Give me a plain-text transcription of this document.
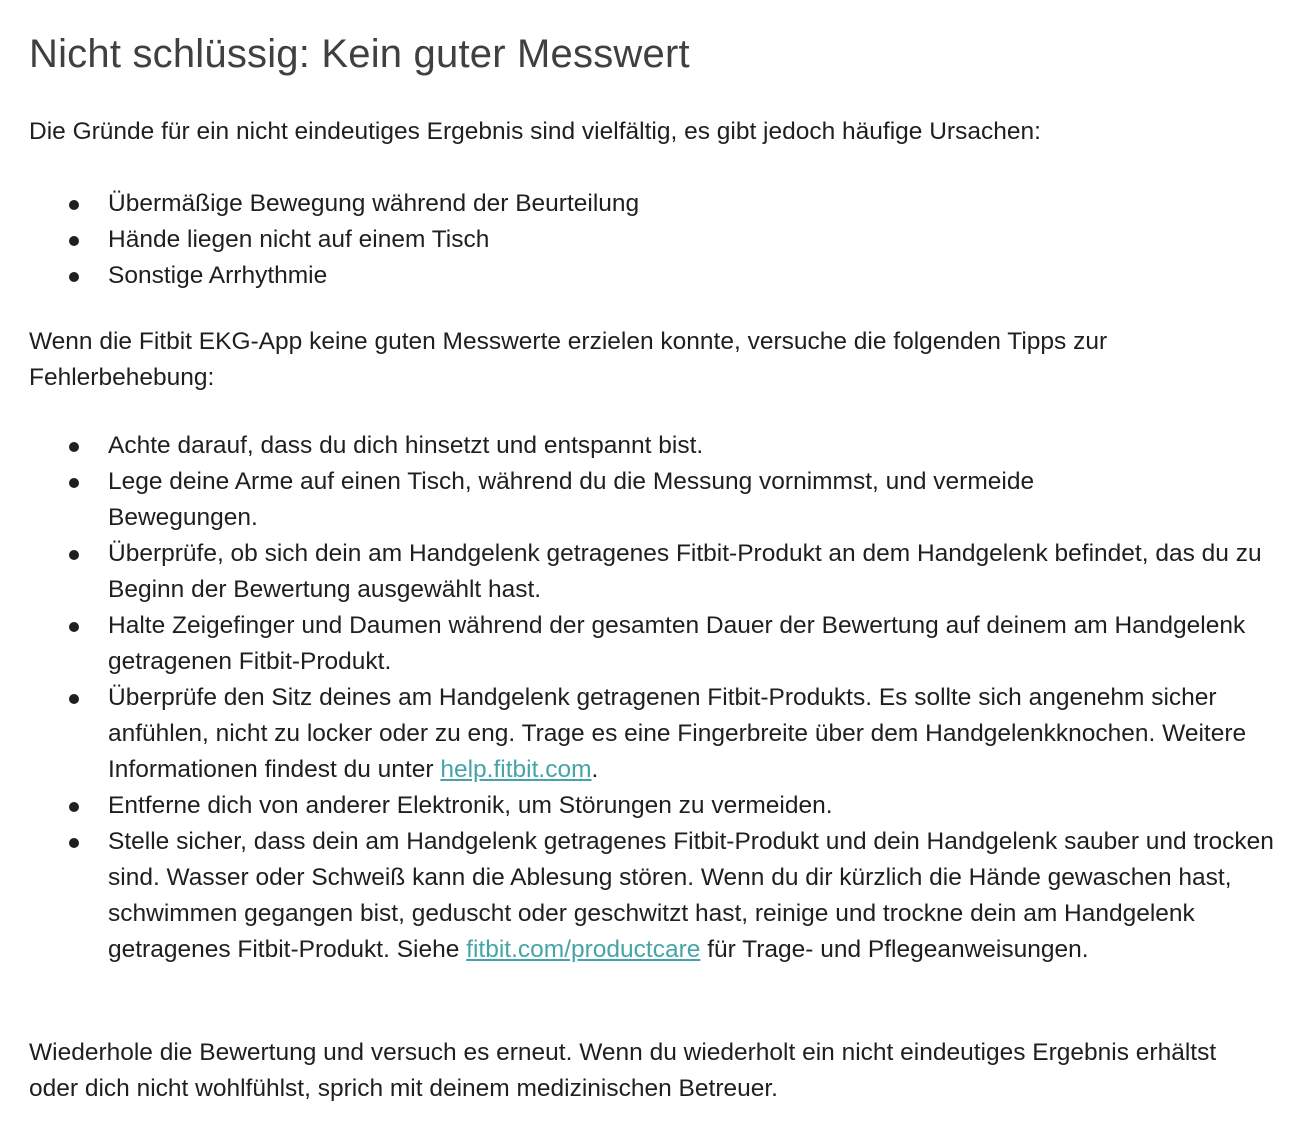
Nicht schlüssig: Kein guter Messwert

Die Gründe für ein nicht eindeutiges Ergebnis sind vielfältig, es gibt jedoch häufige Ursachen:

Übermäßige Bewegung während der Beurteilung
Hände liegen nicht auf einem Tisch
Sonstige Arrhythmie

Wenn die Fitbit EKG-App keine guten Messwerte erzielen konnte, versuche die folgenden Tipps zur Fehlerbehebung:

Achte darauf, dass du dich hinsetzt und entspannt bist.
Lege deine Arme auf einen Tisch, während du die Messung vornimmst, und vermeide Bewegungen.
Überprüfe, ob sich dein am Handgelenk getragenes Fitbit-Produkt an dem Handgelenk befindet, das du zu Beginn der Bewertung ausgewählt hast.
Halte Zeigefinger und Daumen während der gesamten Dauer der Bewertung auf deinem am Handgelenk getragenen Fitbit-Produkt.
Überprüfe den Sitz deines am Handgelenk getragenen Fitbit-Produkts. Es sollte sich angenehm sicher anfühlen, nicht zu locker oder zu eng. Trage es eine Fingerbreite über dem Handgelenkknochen. Weitere Informationen findest du unter help.fitbit.com.
Entferne dich von anderer Elektronik, um Störungen zu vermeiden.
Stelle sicher, dass dein am Handgelenk getragenes Fitbit-Produkt und dein Handgelenk sauber und trocken sind. Wasser oder Schweiß kann die Ablesung stören. Wenn du dir kürzlich die Hände gewaschen hast, schwimmen gegangen bist, geduscht oder geschwitzt hast, reinige und trockne dein am Handgelenk getragenes Fitbit-Produkt. Siehe fitbit.com/productcare für Trage- und Pflegeanweisungen.

Wiederhole die Bewertung und versuch es erneut. Wenn du wiederholt ein nicht eindeutiges Ergebnis erhältst oder dich nicht wohlfühlst, sprich mit deinem medizinischen Betreuer.
